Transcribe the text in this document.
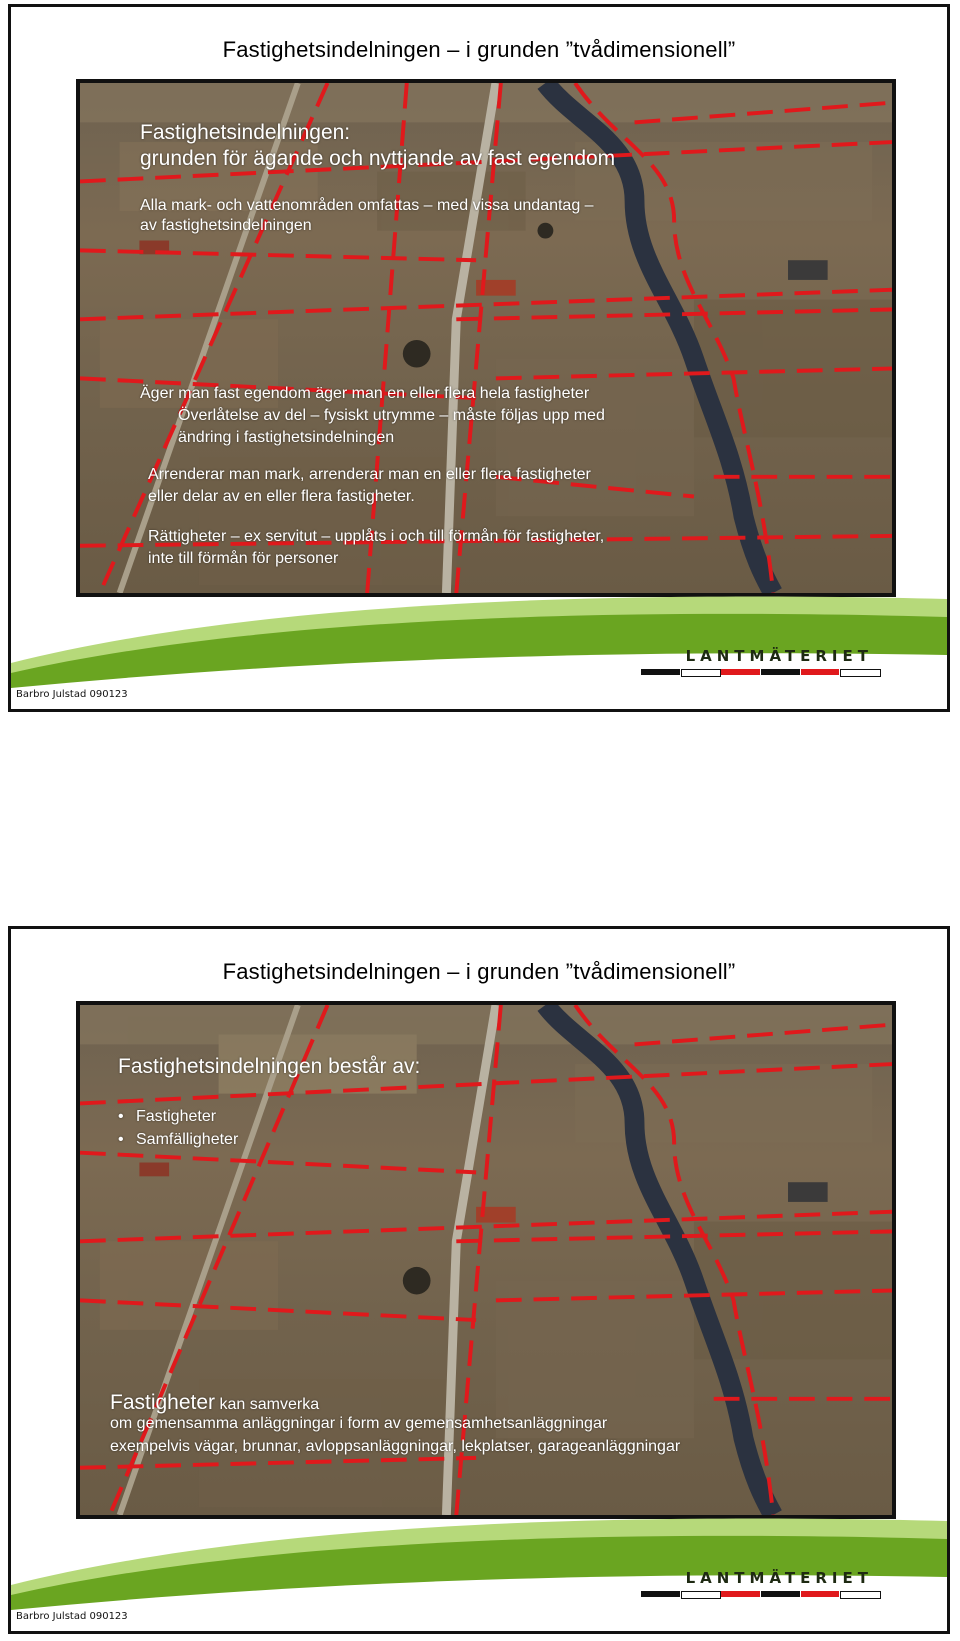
Fastighetsindelningen – i grunden ”tvådimensionell”
Fastighetsindelningen:
grunden för ägande och nyttjande av fast egendom
Alla mark- och vattenområden omfattas – med vissa undantag –
av fastighetsindelningen
Äger man fast egendom äger man en eller flera hela fastigheter
Överlåtelse av del – fysiskt utrymme – måste följas upp med
ändring i fastighetsindelningen
Arrenderar man mark, arrenderar man en eller flera fastigheter
eller delar av en eller flera fastigheter.
Rättigheter – ex servitut – upplåts i och till förmån för fastigheter,
inte till förmån för personer
LANTMÄTERIET
Barbro Julstad 090123
Fastighetsindelningen – i grunden ”tvådimensionell”
Fastighetsindelningen består av:
• Fastigheter
• Samfälligheter
Fastigheter kan samverka
om gemensamma anläggningar i form av gemensamhetsanläggningar
exempelvis vägar, brunnar, avloppsanläggningar, lekplatser, garageanläggningar
LANTMÄTERIET
Barbro Julstad 090123
